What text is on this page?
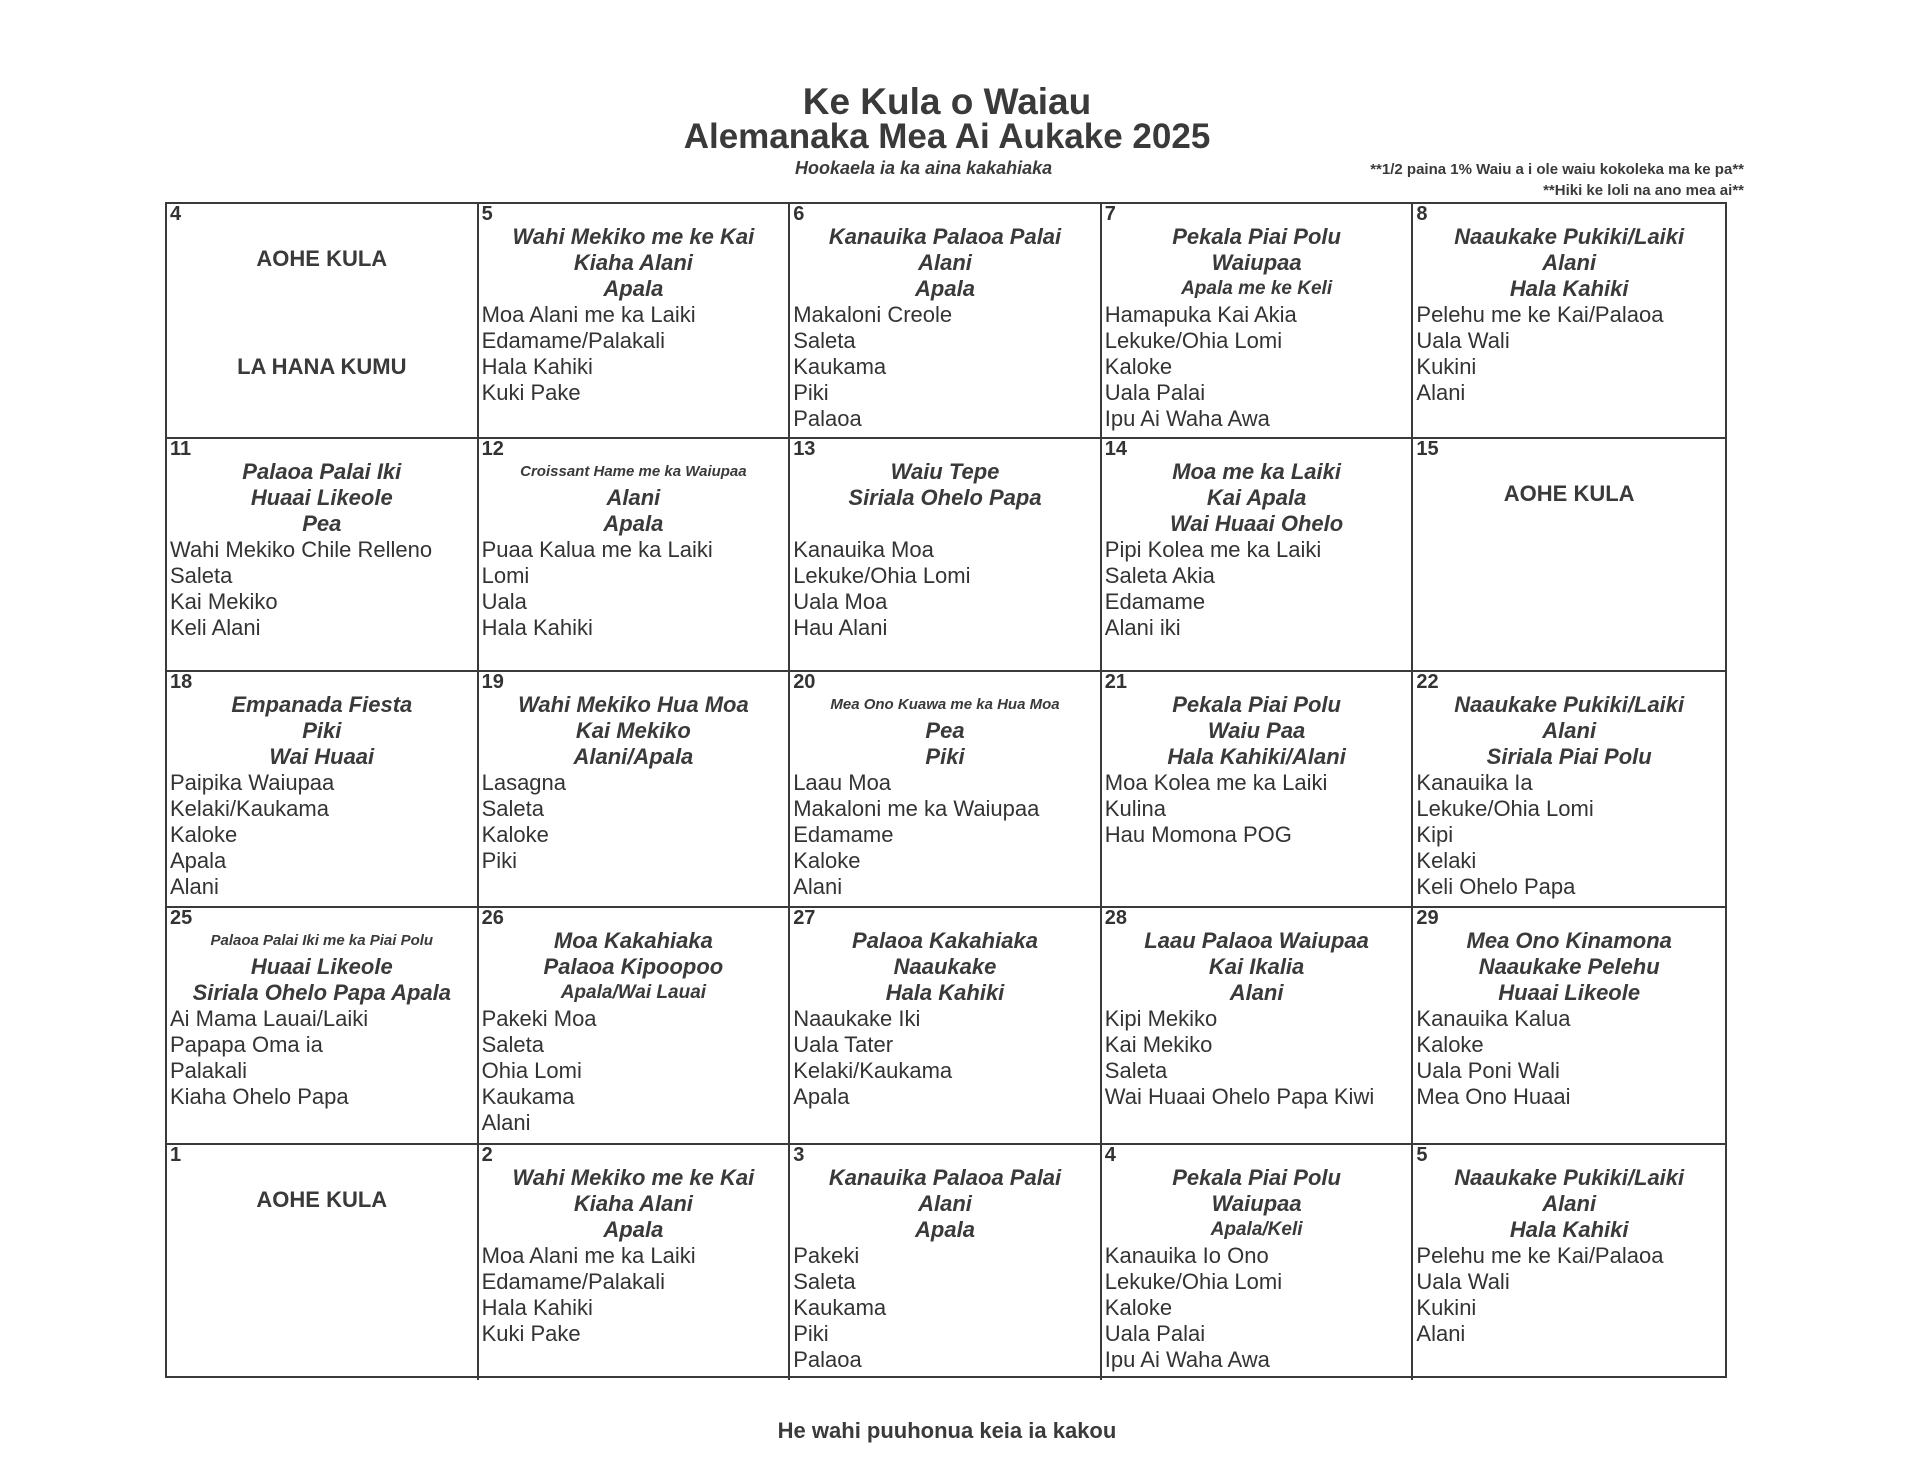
Ke Kula o Waiau
Alemanaka Mea Ai Aukake 2025
Hookaela ia ka aina kakahiaka	**1/2 paina 1% Waiu a i ole waiu kokoleka ma ke pa**
**Hiki ke loli na ano mea ai**
4
AOHE KULA
LA HANA KUMU
5
Wahi Mekiko me ke Kai
Kiaha Alani
Apala
Moa Alani me ka Laiki
Edamame/Palakali
Hala Kahiki
Kuki Pake
6
Kanauika Palaoa Palai
Alani
Apala
Makaloni Creole
Saleta
Kaukama
Piki
Palaoa
7
Pekala Piai Polu
Waiupaa
Apala me ke Keli
Hamapuka Kai Akia
Lekuke/Ohia Lomi
Kaloke
Uala Palai
Ipu Ai Waha Awa
8
Naaukake Pukiki/Laiki
Alani
Hala Kahiki
Pelehu me ke Kai/Palaoa
Uala Wali
Kukini
Alani
11
Palaoa Palai Iki
Huaai Likeole
Pea
Wahi Mekiko Chile Relleno
Saleta
Kai Mekiko
Keli Alani
12
Croissant Hame me ka Waiupaa
Alani
Apala
Puaa Kalua me ka Laiki
Lomi
Uala
Hala Kahiki
13
Waiu Tepe
Siriala Ohelo Papa

Kanauika Moa
Lekuke/Ohia Lomi
Uala Moa
Hau Alani
14
Moa me ka Laiki
Kai Apala
Wai Huaai Ohelo
Pipi Kolea me ka Laiki
Saleta Akia
Edamame
Alani iki
15
AOHE KULA
18
Empanada Fiesta
Piki
Wai Huaai
Paipika Waiupaa
Kelaki/Kaukama
Kaloke
Apala
Alani
19
Wahi Mekiko Hua Moa
Kai Mekiko
Alani/Apala
Lasagna
Saleta
Kaloke
Piki
20
Mea Ono Kuawa me ka Hua Moa
Pea
Piki
Laau Moa
Makaloni me ka Waiupaa
Edamame
Kaloke
Alani
21
Pekala Piai Polu
Waiu Paa
Hala Kahiki/Alani
Moa Kolea me ka Laiki
Kulina
Hau Momona POG
22
Naaukake Pukiki/Laiki
Alani
Siriala Piai Polu
Kanauika Ia
Lekuke/Ohia Lomi
Kipi
Kelaki
Keli Ohelo Papa
25
Palaoa Palai Iki me ka Piai Polu
Huaai Likeole
Siriala Ohelo Papa Apala
Ai Mama Lauai/Laiki
Papapa Oma ia
Palakali
Kiaha Ohelo Papa
26
Moa Kakahiaka
Palaoa Kipoopoo
Apala/Wai Lauai
Pakeki Moa
Saleta
Ohia Lomi
Kaukama
Alani
27
Palaoa Kakahiaka
Naaukake
Hala Kahiki
Naaukake Iki
Uala Tater
Kelaki/Kaukama
Apala
28
Laau Palaoa Waiupaa
Kai Ikalia
Alani
Kipi Mekiko
Kai Mekiko
Saleta
Wai Huaai Ohelo Papa Kiwi
29
Mea Ono Kinamona
Naaukake Pelehu
Huaai Likeole
Kanauika Kalua
Kaloke
Uala Poni Wali
Mea Ono Huaai
1
AOHE KULA
2
Wahi Mekiko me ke Kai
Kiaha Alani
Apala
Moa Alani me ka Laiki
Edamame/Palakali
Hala Kahiki
Kuki Pake
3
Kanauika Palaoa Palai
Alani
Apala
Pakeki
Saleta
Kaukama
Piki
Palaoa
4
Pekala Piai Polu
Waiupaa
Apala/Keli
Kanauika Io Ono
Lekuke/Ohia Lomi
Kaloke
Uala Palai
Ipu Ai Waha Awa
5
Naaukake Pukiki/Laiki
Alani
Hala Kahiki
Pelehu me ke Kai/Palaoa
Uala Wali
Kukini
Alani
He wahi puuhonua keia ia kakou
